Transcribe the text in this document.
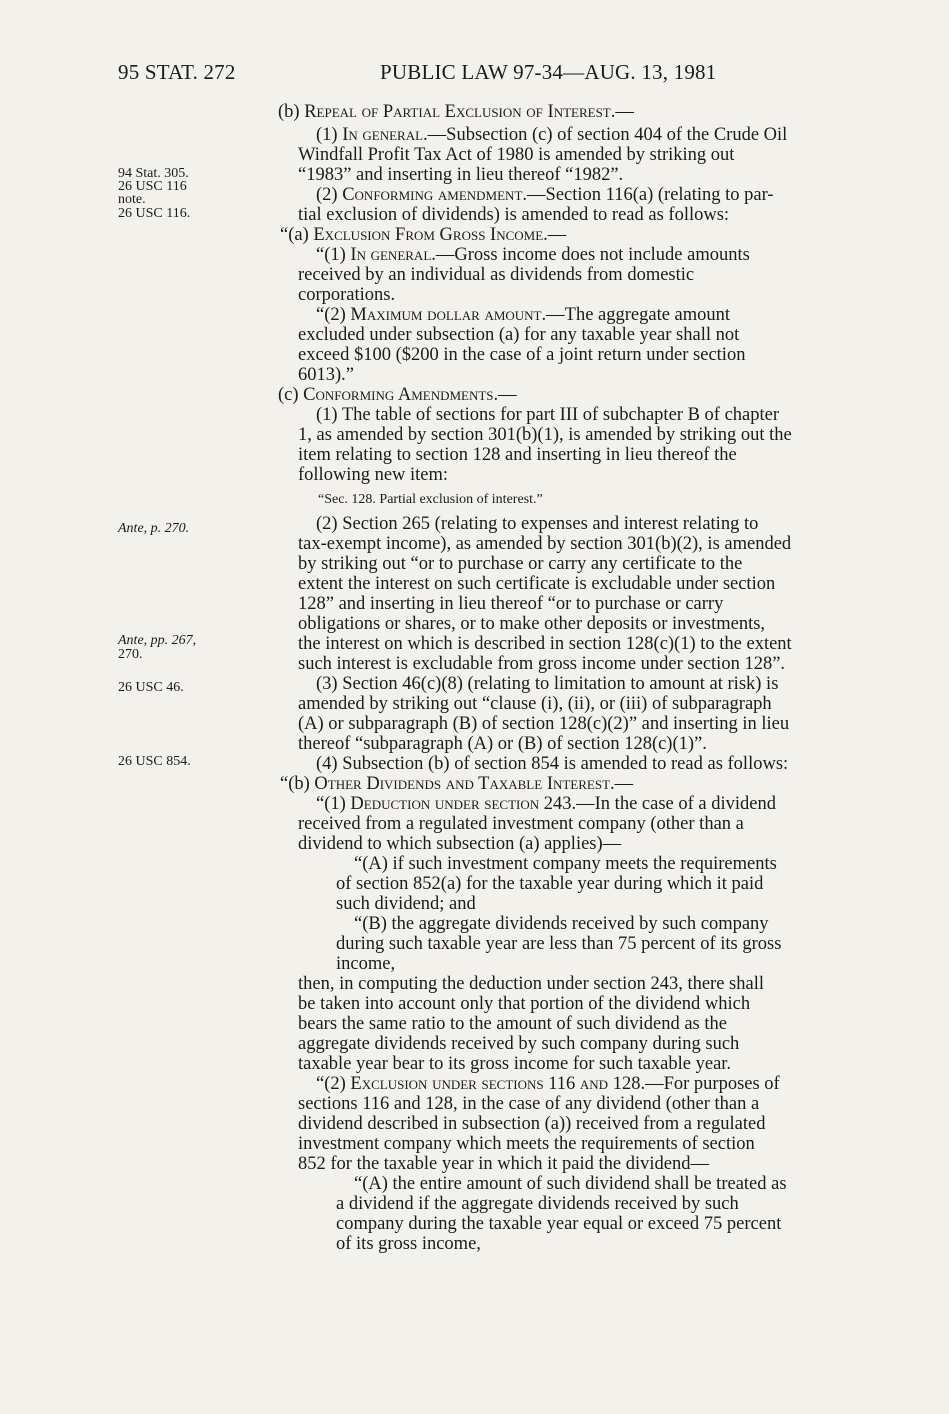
95 STAT. 272	PUBLIC LAW 97-34—AUG. 13, 1981
94 Stat. 305.
26 USC 116
note.
26 USC 116.
Ante, p. 270.
Ante, pp. 267,
270.
26 USC 46.
26 USC 854.
(b) Repeal of Partial Exclusion of Interest.—
(1) In general.—Subsection (c) of section 404 of the Crude Oil
Windfall Profit Tax Act of 1980 is amended by striking out
“1983” and inserting in lieu thereof “1982”.
(2) Conforming amendment.—Section 116(a) (relating to par-
tial exclusion of dividends) is amended to read as follows:
“(a) Exclusion From Gross Income.—
“(1) In general.—Gross income does not include amounts
received by an individual as dividends from domestic
corporations.
“(2) Maximum dollar amount.—The aggregate amount
excluded under subsection (a) for any taxable year shall not
exceed $100 ($200 in the case of a joint return under section
6013).”
(c) Conforming Amendments.—
(1) The table of sections for part III of subchapter B of chapter
1, as amended by section 301(b)(1), is amended by striking out the
item relating to section 128 and inserting in lieu thereof the
following new item:
“Sec. 128. Partial exclusion of interest.”
(2) Section 265 (relating to expenses and interest relating to
tax-exempt income), as amended by section 301(b)(2), is amended
by striking out “or to purchase or carry any certificate to the
extent the interest on such certificate is excludable under section
128” and inserting in lieu thereof “or to purchase or carry
obligations or shares, or to make other deposits or investments,
the interest on which is described in section 128(c)(1) to the extent
such interest is excludable from gross income under section 128”.
(3) Section 46(c)(8) (relating to limitation to amount at risk) is
amended by striking out “clause (i), (ii), or (iii) of subparagraph
(A) or subparagraph (B) of section 128(c)(2)” and inserting in lieu
thereof “subparagraph (A) or (B) of section 128(c)(1)”.
(4) Subsection (b) of section 854 is amended to read as follows:
“(b) Other Dividends and Taxable Interest.—
“(1) Deduction under section 243.—In the case of a dividend
received from a regulated investment company (other than a
dividend to which subsection (a) applies)—
“(A) if such investment company meets the requirements
of section 852(a) for the taxable year during which it paid
such dividend; and
“(B) the aggregate dividends received by such company
during such taxable year are less than 75 percent of its gross
income,
then, in computing the deduction under section 243, there shall
be taken into account only that portion of the dividend which
bears the same ratio to the amount of such dividend as the
aggregate dividends received by such company during such
taxable year bear to its gross income for such taxable year.
“(2) Exclusion under sections 116 and 128.—For purposes of
sections 116 and 128, in the case of any dividend (other than a
dividend described in subsection (a)) received from a regulated
investment company which meets the requirements of section
852 for the taxable year in which it paid the dividend—
“(A) the entire amount of such dividend shall be treated as
a dividend if the aggregate dividends received by such
company during the taxable year equal or exceed 75 percent
of its gross income,
